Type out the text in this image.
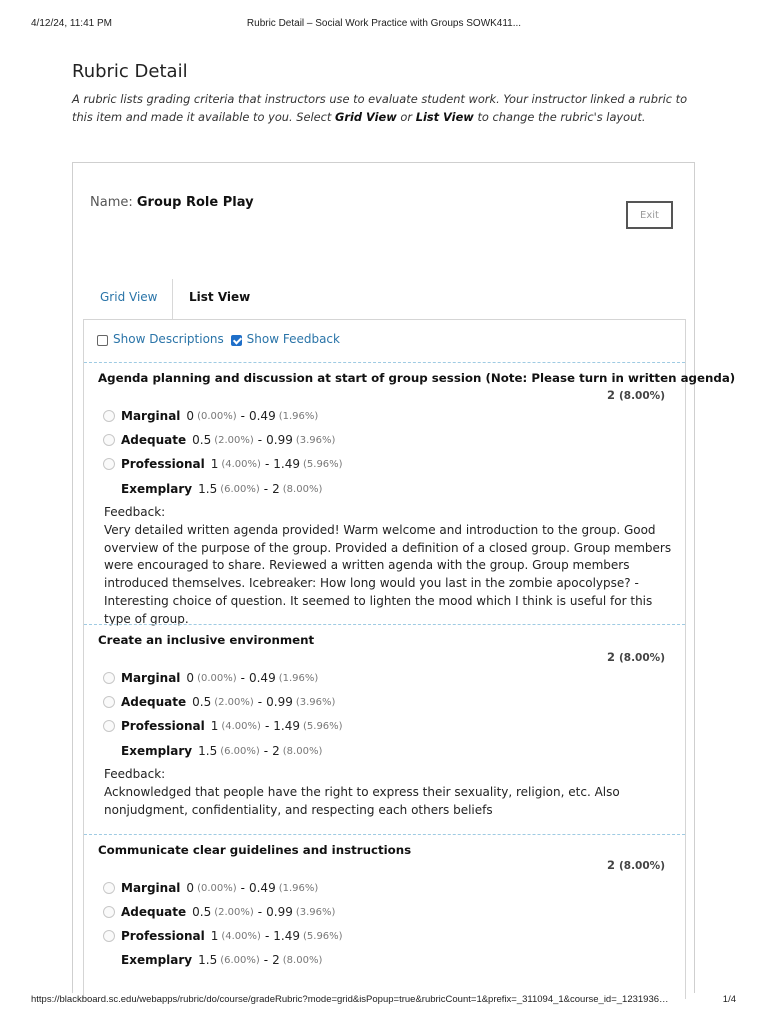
4/12/24, 11:41 PM	Rubric Detail – Social Work Practice with Groups SOWK411...
Rubric Detail

A rubric lists grading criteria that instructors use to evaluate student work. Your instructor linked a rubric to this item and made it available to you. Select Grid View or List View to change the rubric's layout.

Name: Group Role Play
Exit
Grid View	List View
Show Descriptions
Show Feedback
Agenda planning and discussion at start of group session (Note: Please turn in written agenda)
2 (8.00%)
Marginal 0 (0.00%) - 0.49 (1.96%)
Adequate 0.5 (2.00%) - 0.99 (3.96%)
Professional 1 (4.00%) - 1.49 (5.96%)
Exemplary 1.5 (6.00%) - 2 (8.00%)

Feedback:
Very detailed written agenda provided! Warm welcome and introduction to the group. Good overview of the purpose of the group. Provided a definition of a closed group. Group members were encouraged to share. Reviewed a written agenda with the group. Group members introduced themselves. Icebreaker: How long would you last in the zombie apocolypse? - Interesting choice of question. It seemed to lighten the mood which I think is useful for this type of group.

Create an inclusive environment
2 (8.00%)
Marginal 0 (0.00%) - 0.49 (1.96%)
Adequate 0.5 (2.00%) - 0.99 (3.96%)
Professional 1 (4.00%) - 1.49 (5.96%)
Exemplary 1.5 (6.00%) - 2 (8.00%)

Feedback:
Acknowledged that people have the right to express their sexuality, religion, etc. Also nonjudgment, confidentiality, and respecting each others beliefs

Communicate clear guidelines and instructions
2 (8.00%)
Marginal 0 (0.00%) - 0.49 (1.96%)
Adequate 0.5 (2.00%) - 0.99 (3.96%)
Professional 1 (4.00%) - 1.49 (5.96%)
Exemplary 1.5 (6.00%) - 2 (8.00%)
https://blackboard.sc.edu/webapps/rubric/do/course/gradeRubric?mode=grid&isPopup=true&rubricCount=1&prefix=_311094_1&course_id=_1231936…	1/4
